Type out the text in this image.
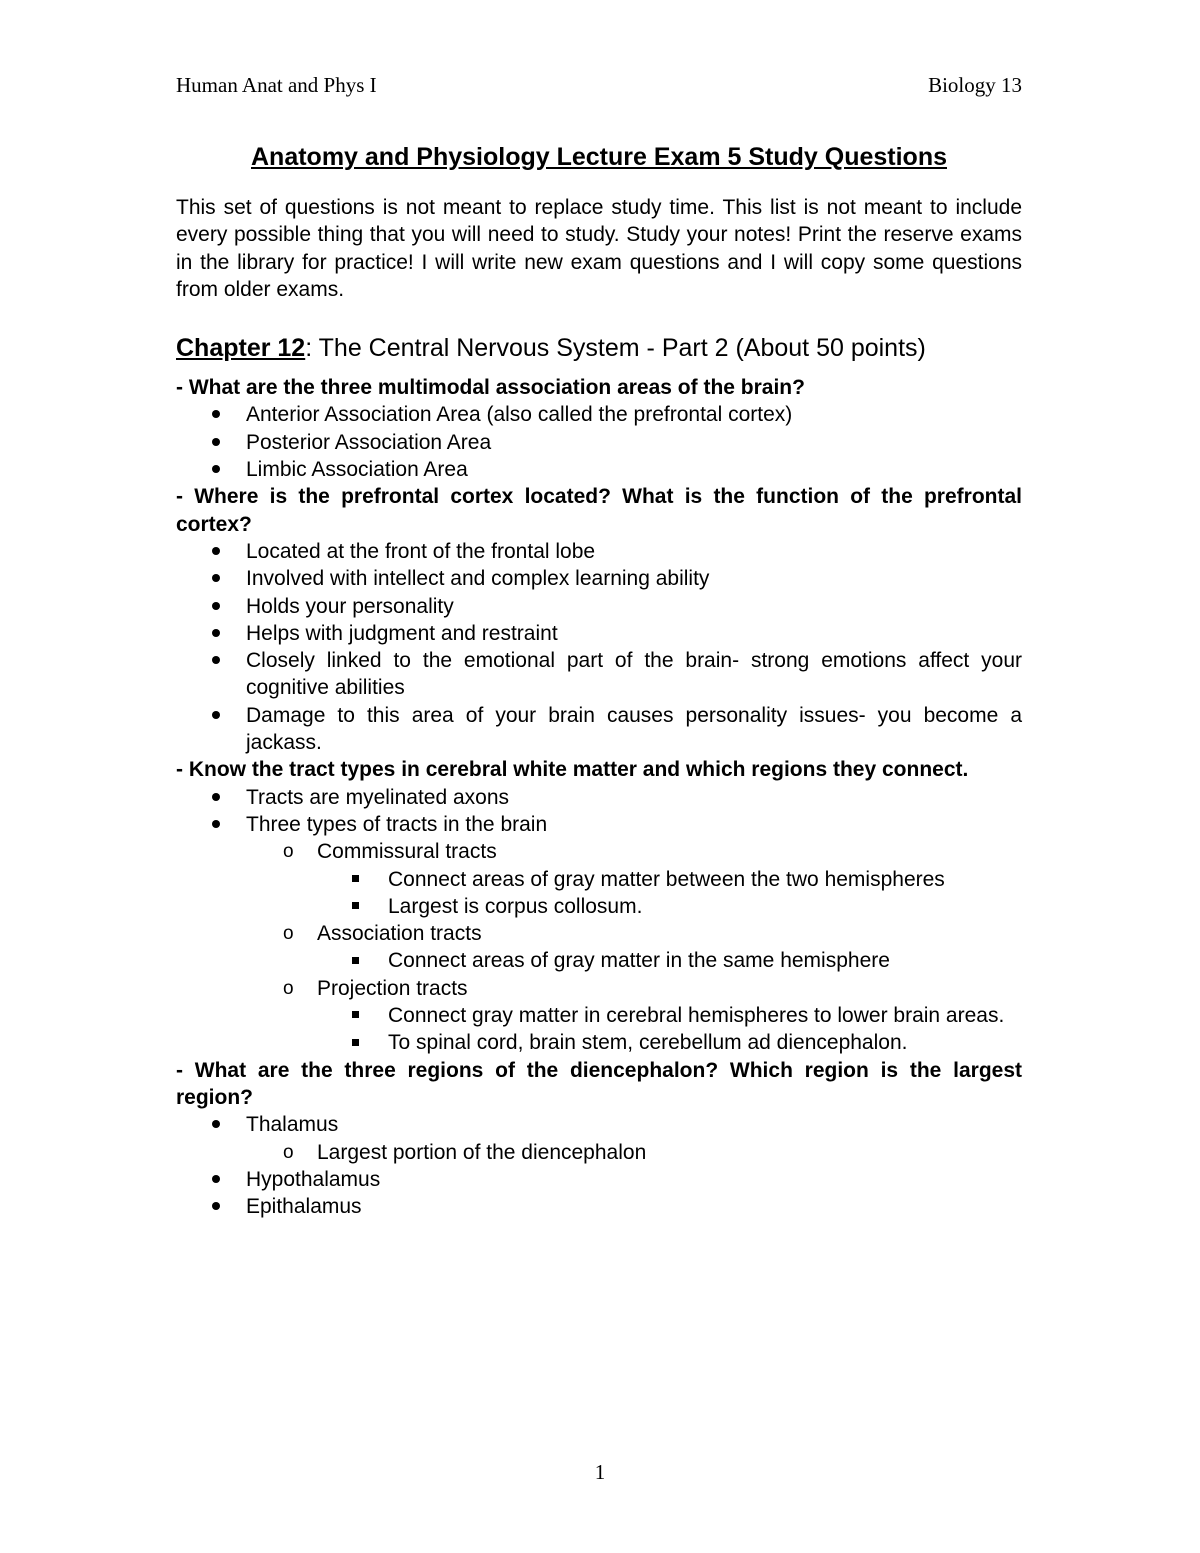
Human Anat and Phys I	Biology 13
Anatomy and Physiology Lecture Exam 5 Study Questions

This set of questions is not meant to replace study time. This list is not meant to include every possible thing that you will need to study. Study your notes! Print the reserve exams in the library for practice! I will write new exam questions and I will copy some questions from older exams.

Chapter 12: The Central Nervous System - Part 2 (About 50 points)

- What are the three multimodal association areas of the brain?

Anterior Association Area (also called the prefrontal cortex)
Posterior Association Area
Limbic Association Area

- Where is the prefrontal cortex located? What is the function of the prefrontal cortex?

Located at the front of the frontal lobe
Involved with intellect and complex learning ability
Holds your personality
Helps with judgment and restraint
Closely linked to the emotional part of the brain- strong emotions affect your cognitive abilities
Damage to this area of your brain causes personality issues- you become a jackass.

- Know the tract types in cerebral white matter and which regions they connect.

Tracts are myelinated axons
Three types of tracts in the brain
o Commissural tracts
Connect areas of gray matter between the two hemispheres
Largest is corpus collosum.
o Association tracts
Connect areas of gray matter in the same hemisphere
o Projection tracts
Connect gray matter in cerebral hemispheres to lower brain areas.
To spinal cord, brain stem, cerebellum ad diencephalon.

- What are the three regions of the diencephalon? Which region is the largest region?

Thalamus
o Largest portion of the diencephalon
Hypothalamus
Epithalamus
1
